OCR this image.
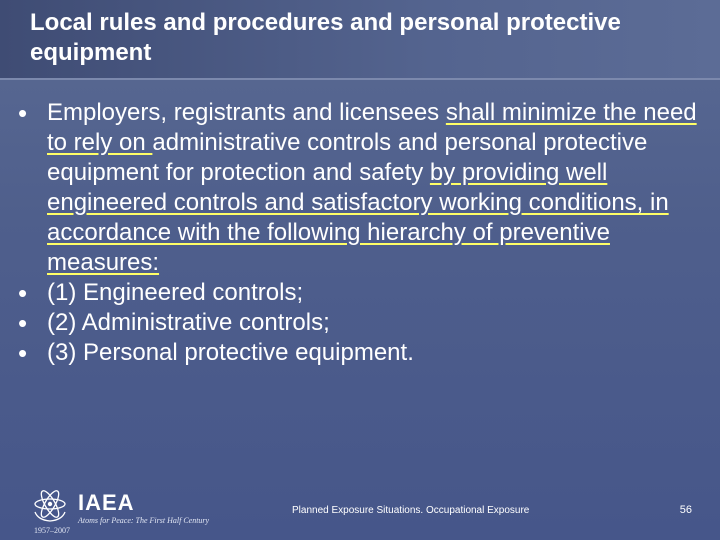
Local rules and procedures and personal protective equipment
• Employers, registrants and licensees shall minimize the need to rely on administrative controls and personal protective equipment for protection and safety by providing well engineered controls and satisfactory working conditions, in accordance with the following hierarchy of preventive measures:
• (1) Engineered controls;
• (2) Administrative controls;
• (3) Personal protective equipment.
IAEA
Atoms for Peace: The First Half Century
1957–2007
Planned Exposure Situations. Occupational Exposure	56
